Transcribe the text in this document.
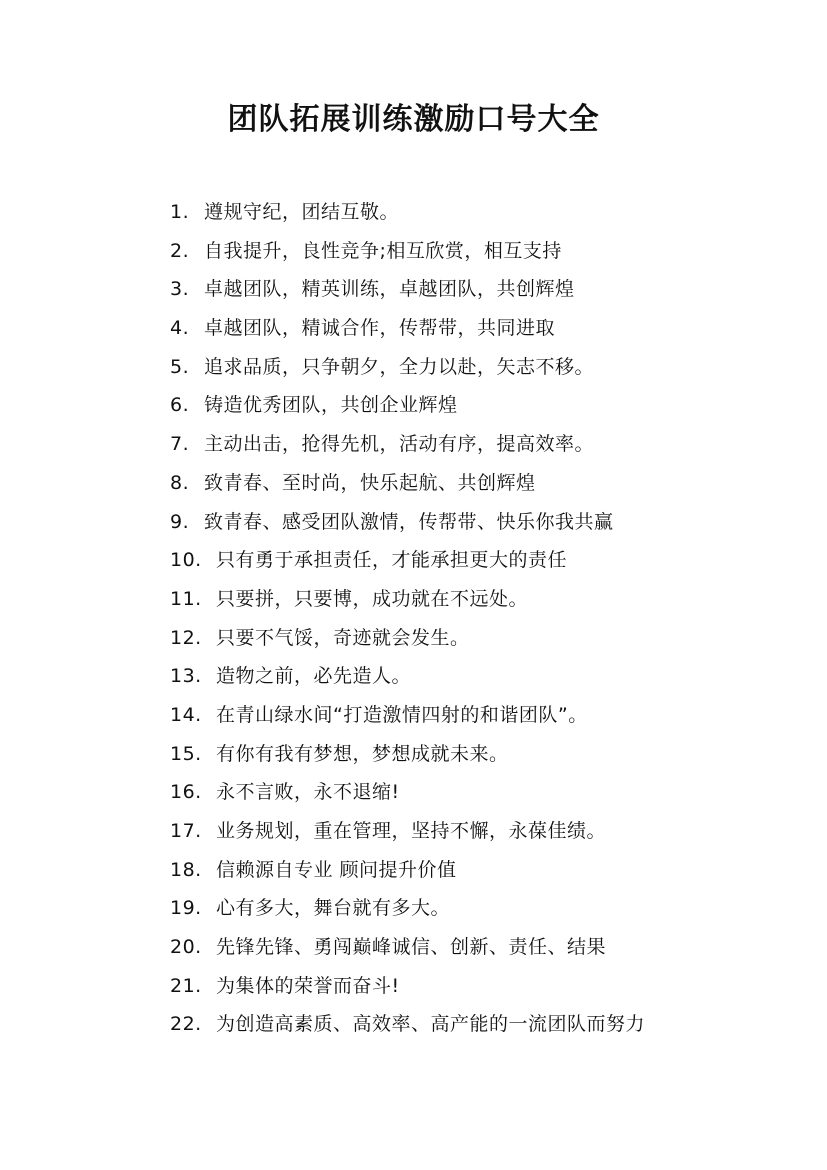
团队拓展训练激励口号大全
1. 遵规守纪，团结互敬。
2. 自我提升，良性竞争;相互欣赏，相互支持
3. 卓越团队，精英训练，卓越团队，共创辉煌
4. 卓越团队，精诚合作，传帮带，共同进取
5. 追求品质，只争朝夕，全力以赴，矢志不移。
6. 铸造优秀团队，共创企业辉煌
7. 主动出击，抢得先机，活动有序，提高效率。
8. 致青春、至时尚，快乐起航、共创辉煌
9. 致青春、感受团队激情，传帮带、快乐你我共赢
10. 只有勇于承担责任，才能承担更大的责任
11. 只要拼，只要博，成功就在不远处。
12. 只要不气馁，奇迹就会发生。
13. 造物之前，必先造人。
14. 在青山绿水间“打造激情四射的和谐团队”。
15. 有你有我有梦想，梦想成就未来。
16. 永不言败，永不退缩!
17. 业务规划，重在管理，坚持不懈，永葆佳绩。
18. 信赖源自专业 顾问提升价值
19. 心有多大，舞台就有多大。
20. 先锋先锋、勇闯巅峰诚信、创新、责任、结果
21. 为集体的荣誉而奋斗!
22. 为创造高素质、高效率、高产能的一流团队而努力
